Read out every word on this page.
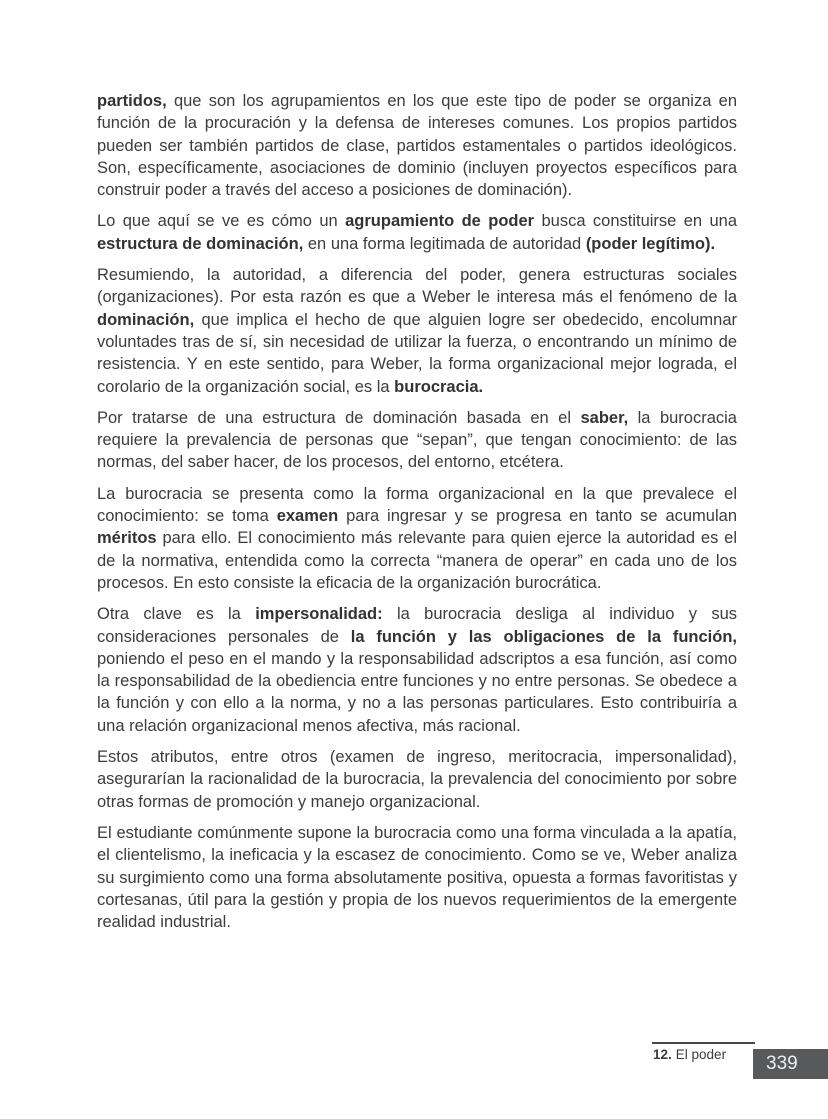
partidos, que son los agrupamientos en los que este tipo de poder se organiza en función de la procuración y la defensa de intereses comunes. Los propios partidos pueden ser también partidos de clase, partidos estamentales o partidos ideológicos. Son, específicamente, asociaciones de dominio (incluyen proyectos específicos para construir poder a través del acceso a posiciones de dominación).

Lo que aquí se ve es cómo un agrupamiento de poder busca constituirse en una estructura de dominación, en una forma legitimada de autoridad (poder legítimo).

Resumiendo, la autoridad, a diferencia del poder, genera estructuras sociales (organizaciones). Por esta razón es que a Weber le interesa más el fenómeno de la dominación, que implica el hecho de que alguien logre ser obedecido, encolumnar voluntades tras de sí, sin necesidad de utilizar la fuerza, o encontrando un mínimo de resistencia. Y en este sentido, para Weber, la forma organizacional mejor lograda, el corolario de la organización social, es la burocracia.

Por tratarse de una estructura de dominación basada en el saber, la burocracia requiere la prevalencia de personas que “sepan”, que tengan conocimiento: de las normas, del saber hacer, de los procesos, del entorno, etcétera.

La burocracia se presenta como la forma organizacional en la que prevalece el conocimiento: se toma examen para ingresar y se progresa en tanto se acumulan méritos para ello. El conocimiento más relevante para quien ejerce la autoridad es el de la normativa, entendida como la correcta “manera de operar” en cada uno de los procesos. En esto consiste la eficacia de la organización burocrática.

Otra clave es la impersonalidad: la burocracia desliga al individuo y sus consideraciones personales de la función y las obligaciones de la función, poniendo el peso en el mando y la responsabilidad adscriptos a esa función, así como la responsabilidad de la obediencia entre funciones y no entre personas. Se obedece a la función y con ello a la norma, y no a las personas particulares. Esto contribuiría a una relación organizacional menos afectiva, más racional.

Estos atributos, entre otros (examen de ingreso, meritocracia, impersonalidad), asegurarían la racionalidad de la burocracia, la prevalencia del conocimiento por sobre otras formas de promoción y manejo organizacional.

El estudiante comúnmente supone la burocracia como una forma vinculada a la apatía, el clientelismo, la ineficacia y la escasez de conocimiento. Como se ve, Weber analiza su surgimiento como una forma absolutamente positiva, opuesta a formas favoritistas y cortesanas, útil para la gestión y propia de los nuevos requerimientos de la emergente realidad industrial.

12. El poder	339
